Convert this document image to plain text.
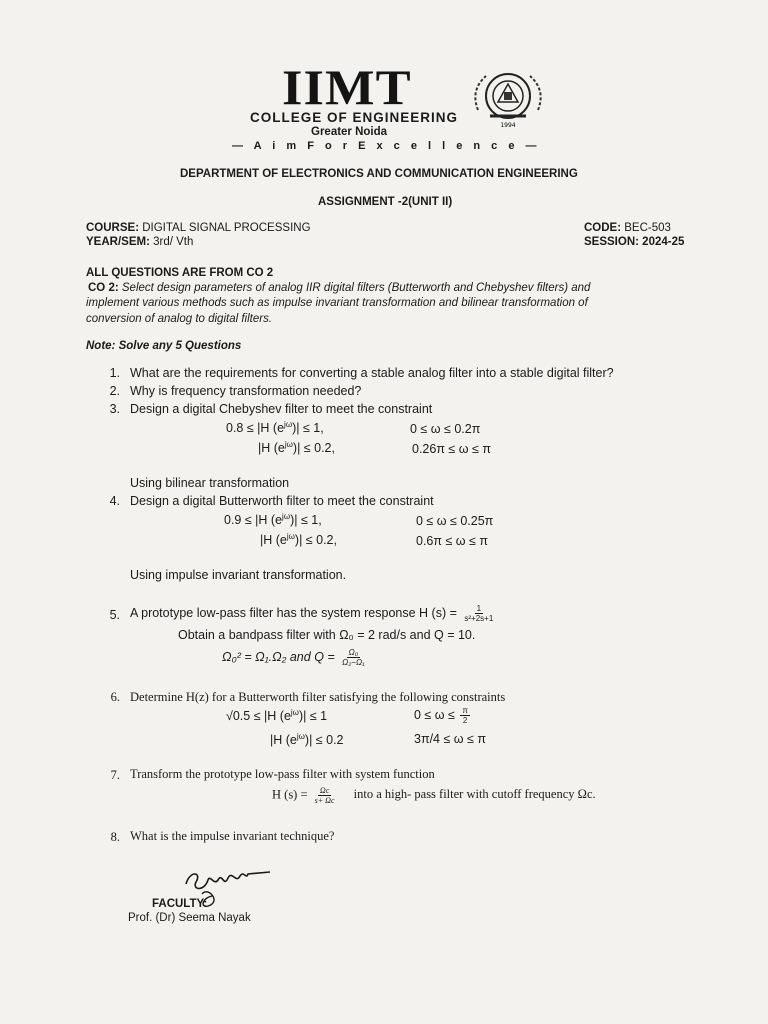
IIMT
COLLEGE OF ENGINEERING
Greater Noida
— A i m F o r E x c e l l e n c e —
1994
DEPARTMENT OF ELECTRONICS AND COMMUNICATION ENGINEERING
ASSIGNMENT -2(UNIT II)
COURSE: DIGITAL SIGNAL PROCESSING
YEAR/SEM: 3rd/ Vth
CODE: BEC-503
SESSION: 2024-25
ALL QUESTIONS ARE FROM CO 2
CO 2: Select design parameters of analog IIR digital filters (Butterworth and Chebyshev filters) and
implement various methods such as impulse invariant transformation and bilinear transformation of
conversion of analog to digital filters.
Note: Solve any 5 Questions
1. What are the requirements for converting a stable analog filter into a stable digital filter?
2. Why is frequency transformation needed?
3. Design a digital Chebyshev filter to meet the constraint
0.8 ≤ |H $(e^{j\omega})| \le 1$,	0 ≤ ω ≤ 0.2π
|H $(e^{j\omega})| \le 0.2$,	0.26π ≤ ω ≤ π
Using bilinear transformation
4. Design a digital Butterworth filter to meet the constraint
0.9 ≤ |H $(e^{j\omega})| \le 1$,	0 ≤ ω ≤ 0.25π
|H $(e^{j\omega})| \le 0.2$,	0.6π ≤ ω ≤ π
Using impulse invariant transformation.
5. A prototype low-pass filter has the system response H $(s) = \frac{1}{\text{s²+2s+1}}$
Obtain a bandpass filter with Ω₀ = 2 rad/s and Q = 10.
Ω₀² = Ω₁.Ω₂ and $Q = \frac{\text{Ω₀}}{\text{Ω₂−Ω₁}}$
6. Determine H(z) for a Butterworth filter satisfying the following constraints
√0.5 ≤ |H $(e^{j\omega})| \le 1$	$0 \le \omega \le \frac{\pi}{2}$
|H $(e^{j\omega})| \le 0.2$	3π/4 ≤ ω ≤ π
7. Transform the prototype low-pass filter with system function
H $(s) = \frac{\Omega c}{s+ \Omega c}$ into a high- pass filter with cutoff frequency Ωc.
8. What is the impulse invariant technique?
FACULTY:
Prof. (Dr) Seema Nayak
